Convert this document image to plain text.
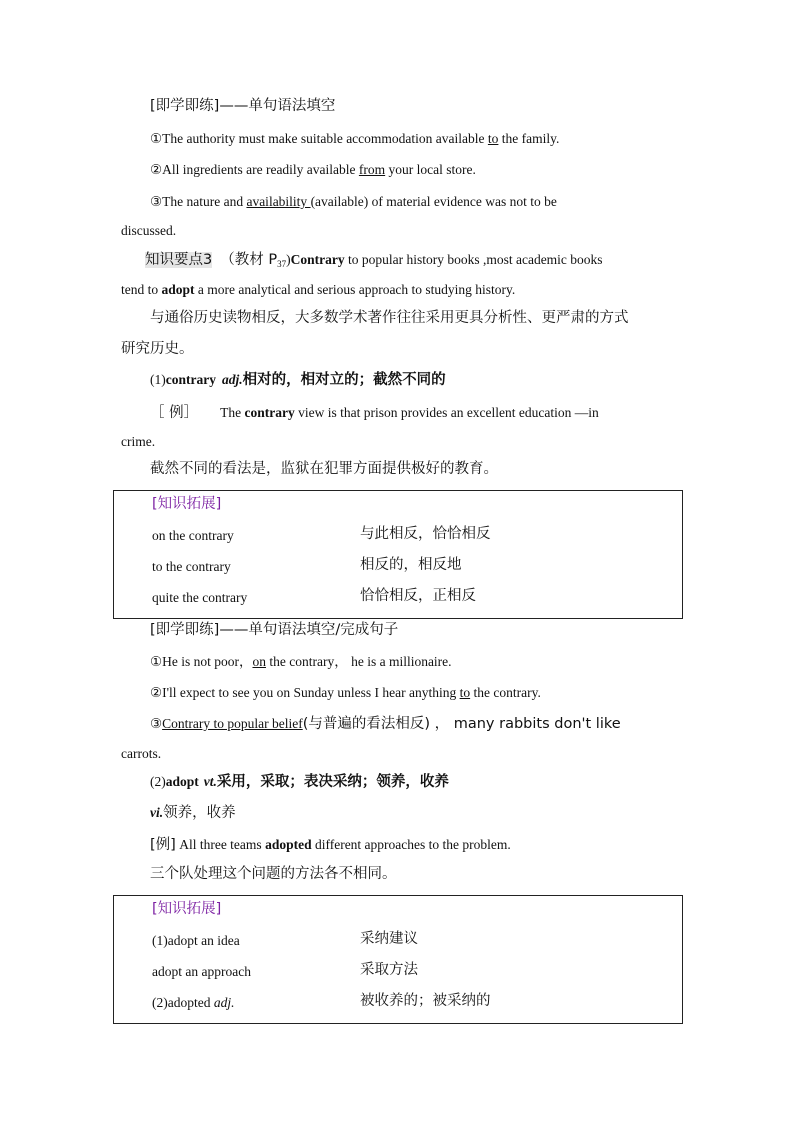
[即学即练]——单句语法填空
①The authority must make suitable accommodation available to the family.
②All ingredients are readily available from your local store.
③The nature and availability (available) of material evidence was not to be
discussed.
知识要点3 （教材 $P_{37})Contrary$ to popular history books ,most academic books
tend to adopt a more analytical and serious approach to studying history.
与通俗历史读物相反，大多数学术著作往往采用更具分析性、更严肃的方式
研究历史。
(1)contrary adj.相对的，相对立的；截然不同的
［ 例］ The contrary view is that prison provides an excellent education —in
crime.
截然不同的看法是，监狱在犯罪方面提供极好的教育。
[知识拓展]
on the contrary	与此相反，恰恰相反
to the contrary	相反的，相反地
quite the contrary	恰恰相反，正相反
[即学即练]——单句语法填空/完成句子
①He is not poor，on the contrary， he is a millionaire.
②I'll expect to see you on Sunday unless I hear anything to the contrary.
③Contrary to popular belief(与普遍的看法相反) ， many rabbits don't like
carrots.
(2)adopt vt.采用，采取；表决采纳；领养，收养
vi.领养，收养
[例] All three teams adopted different approaches to the problem.
三个队处理这个问题的方法各不相同。
[知识拓展]
(1)adopt an idea	采纳建议
adopt an approach	采取方法
(2)adopted adj.	被收养的；被采纳的
